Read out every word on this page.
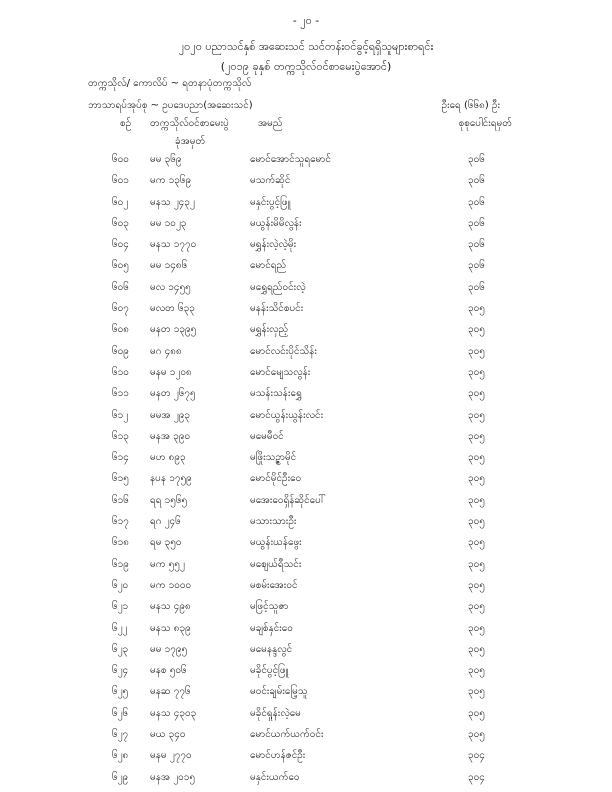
- ၂၀ -
၂၀၂၀ ပညာသင်နှစ် အဆေးသင် သင်တန်းဝင်ခွင့်ရရှိသူများစာရင်း
(၂၀၁၉ ခုနှစ် တက္ကသိုလ်ဝင်စာမေးပွဲအောင်)
တက္ကသိုလ်/ ကောလိပ် ~ ရတနာပုံတက္ကသိုလ်
ဘာသာရပ်အုပ်စု ~ ဥပဒေပညာ(အဆေးသင်)	ဦးရေ (၆၆၈) ဦး
စဉ် တက္ကသိုလ်ဝင်စာမေးပွဲ
ခုံအမှတ်
အမည်	စုစုပေါင်းရမှတ်
၆၀၀ မမ ၃၆၉	မောင်အောင်သူရမောင်	၃၀၆
၆၀၁ မက ၁၃၆၉	မသက်ဆိုင်	၃၀၆
၆၀၂ မနသ ၂၄၃၂	မနှင်းပွင့်ဖြူ	၃၀၆
၆၀၃ မမ ၁၀၂၃	မယွန်းမိမိလွန်း	၃၀၆
၆၀၄ မနသ ၁၇၇၀	မရွှန်းလဲ့လဲ့မိုး	၃၀၆
၆၀၅ မမ ၁၄၈၆	မောင်ရည်	၃၀၆
၆၀၆ မလ ၁၄၅၅	မရွှေရည်ဝင်းလဲ့	၃၀၆
၆၀၇ မလတ ၆၃၃	မနန်းသိင်စပင်း	၃၀၅
၆၀၈ မနတ ၁၃၉၅	မရွှန်းလှည့်	၃၀၅
၆၀၉ မဂ ၄၈၈	မောင်လင်းပိုင်သိန်း	၃၀၅
၆၁၀ မနမ ၁၂၀၈	မောင်မျေသလွန်း	၃၀၅
၆၁၁ မနတ ၂၆၇၅	မသန်းသန်းရွှေ	၃၀၅
၆၁၂ မမအ ၂၉၃	မောင်ယွန်းယွန်းလင်း	၃၀၅
၆၁၃ မနအ ၃၉၀	မမေမီဝင်	၃၀၅
၆၁၄ မဟ ၈၉၃	မဖြိုးသဉ္ဇာမိုင်	၃၀၅
၆၁၅ နပန ၁၇၅၉	မောင်မိုင်ဦးဝေ	၃၀၅
၆၁၆ ရရ ၁၅၆၅	မအေးဝေရှိန်ဆိုင်ပေါ်	၃၀၅
၆၁၇ ရဂ ၂၄၆	မသားသားဦး	၃၀၅
၆၁၈ ရမ ၃၅၀	မယွန်းယန်ဖွေး	၃၀၅
၆၁၉ မက ၅၅၂	မဈေယ်ရီသင်း	၃၀၅
၆၂၀ မက ၁၀၀၀	မစမ်းအေးဝင်	၃၀၅
၆၂၁ မနသ ၄၉၈	မဖြင့်သူဇာ	၃၀၅
၆၂၂ မနသ ၈၃၉	မချစ်နှင်းဝေ	၃၀၅
၆၂၃ မမ ၁၇၉၅	မမေနန္ဒလွင်	၃၀၅
၆၂၄ မနစ ၅၀၆	မခိုင်ပွင့်ဖြူ	၃၀၅
၆၂၅ မနဆ ၇၇၆	မဝင်းချမ်းမြေ့သူ	၃၀၅
၆၂၆ မနသ ၄၃၀၃	မခိုင်ရှုန်းလဲ့မေ	၃၀၅
၆၂၇ မယ ၃၄၀	မောင်ယက်ယက်ဝင်း	၃၀၅
၆၂၈ မနမ ၂၇၇၀	မောင်ဟန်ဇင်ဦး	၃၀၄
၆၂၉ မနအ ၂၀၁၅	မနှင်းယက်ဝေ	၃၀၄
